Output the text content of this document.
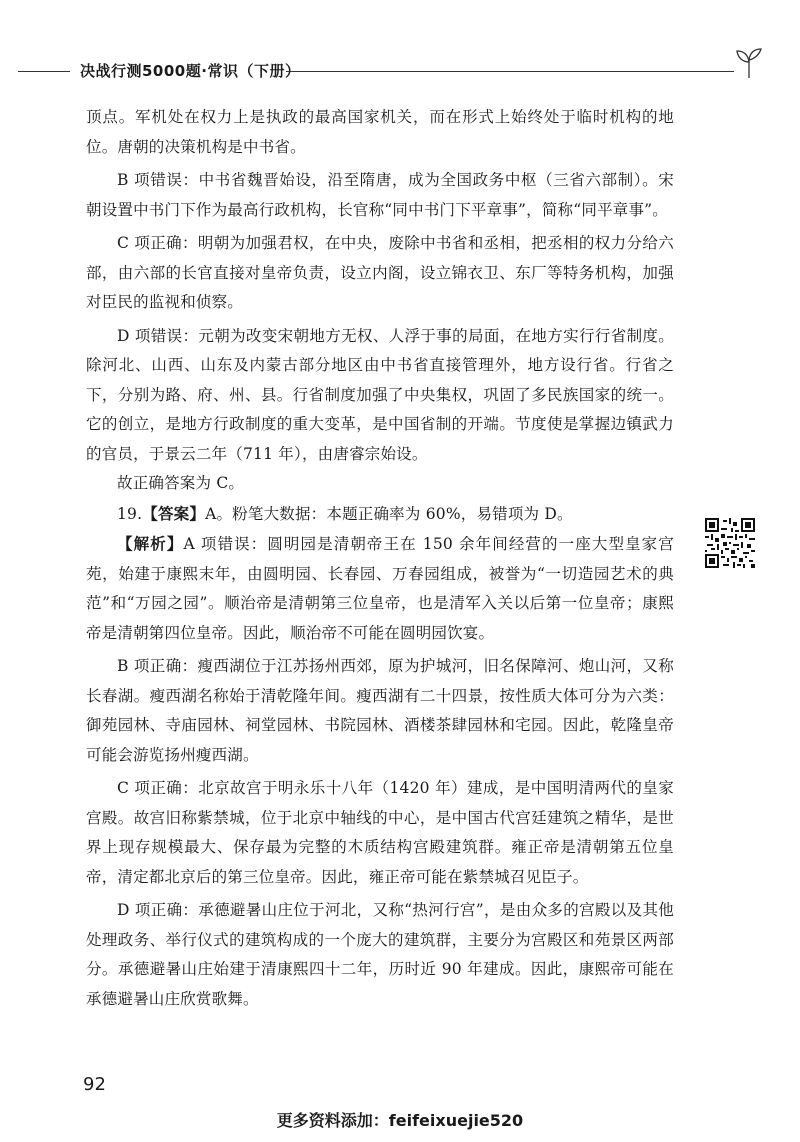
决战行测5000题·常识（下册）

顶点。军机处在权力上是执政的最高国家机关，而在形式上始终处于临时机构的地位。唐朝的决策机构是中书省。

B 项错误：中书省魏晋始设，沿至隋唐，成为全国政务中枢（三省六部制）。宋朝设置中书门下作为最高行政机构，长官称“同中书门下平章事”，简称“同平章事”。

C 项正确：明朝为加强君权，在中央，废除中书省和丞相，把丞相的权力分给六部，由六部的长官直接对皇帝负责，设立内阁，设立锦衣卫、东厂等特务机构，加强对臣民的监视和侦察。

D 项错误：元朝为改变宋朝地方无权、人浮于事的局面，在地方实行行省制度。除河北、山西、山东及内蒙古部分地区由中书省直接管理外，地方设行省。行省之下，分别为路、府、州、县。行省制度加强了中央集权，巩固了多民族国家的统一。它的创立，是地方行政制度的重大变革，是中国省制的开端。节度使是掌握边镇武力的官员，于景云二年（711 年），由唐睿宗始设。

故正确答案为 C。

19.【答案】A。粉笔大数据：本题正确率为 60%，易错项为 D。

【解析】A 项错误：圆明园是清朝帝王在 150 余年间经营的一座大型皇家宫苑，始建于康熙末年，由圆明园、长春园、万春园组成，被誉为“一切造园艺术的典范”和“万园之园”。顺治帝是清朝第三位皇帝，也是清军入关以后第一位皇帝；康熙帝是清朝第四位皇帝。因此，顺治帝不可能在圆明园饮宴。

B 项正确：瘦西湖位于江苏扬州西郊，原为护城河，旧名保障河、炮山河，又称长春湖。瘦西湖名称始于清乾隆年间。瘦西湖有二十四景，按性质大体可分为六类：御苑园林、寺庙园林、祠堂园林、书院园林、酒楼茶肆园林和宅园。因此，乾隆皇帝可能会游览扬州瘦西湖。

C 项正确：北京故宫于明永乐十八年（1420 年）建成，是中国明清两代的皇家宫殿。故宫旧称紫禁城，位于北京中轴线的中心，是中国古代宫廷建筑之精华，是世界上现存规模最大、保存最为完整的木质结构宫殿建筑群。雍正帝是清朝第五位皇帝，清定都北京后的第三位皇帝。因此，雍正帝可能在紫禁城召见臣子。

D 项正确：承德避暑山庄位于河北，又称“热河行宫”，是由众多的宫殿以及其他处理政务、举行仪式的建筑构成的一个庞大的建筑群，主要分为宫殿区和苑景区两部分。承德避暑山庄始建于清康熙四十二年，历时近 90 年建成。因此，康熙帝可能在承德避暑山庄欣赏歌舞。

92
更多资料添加：feifeixuejie520
